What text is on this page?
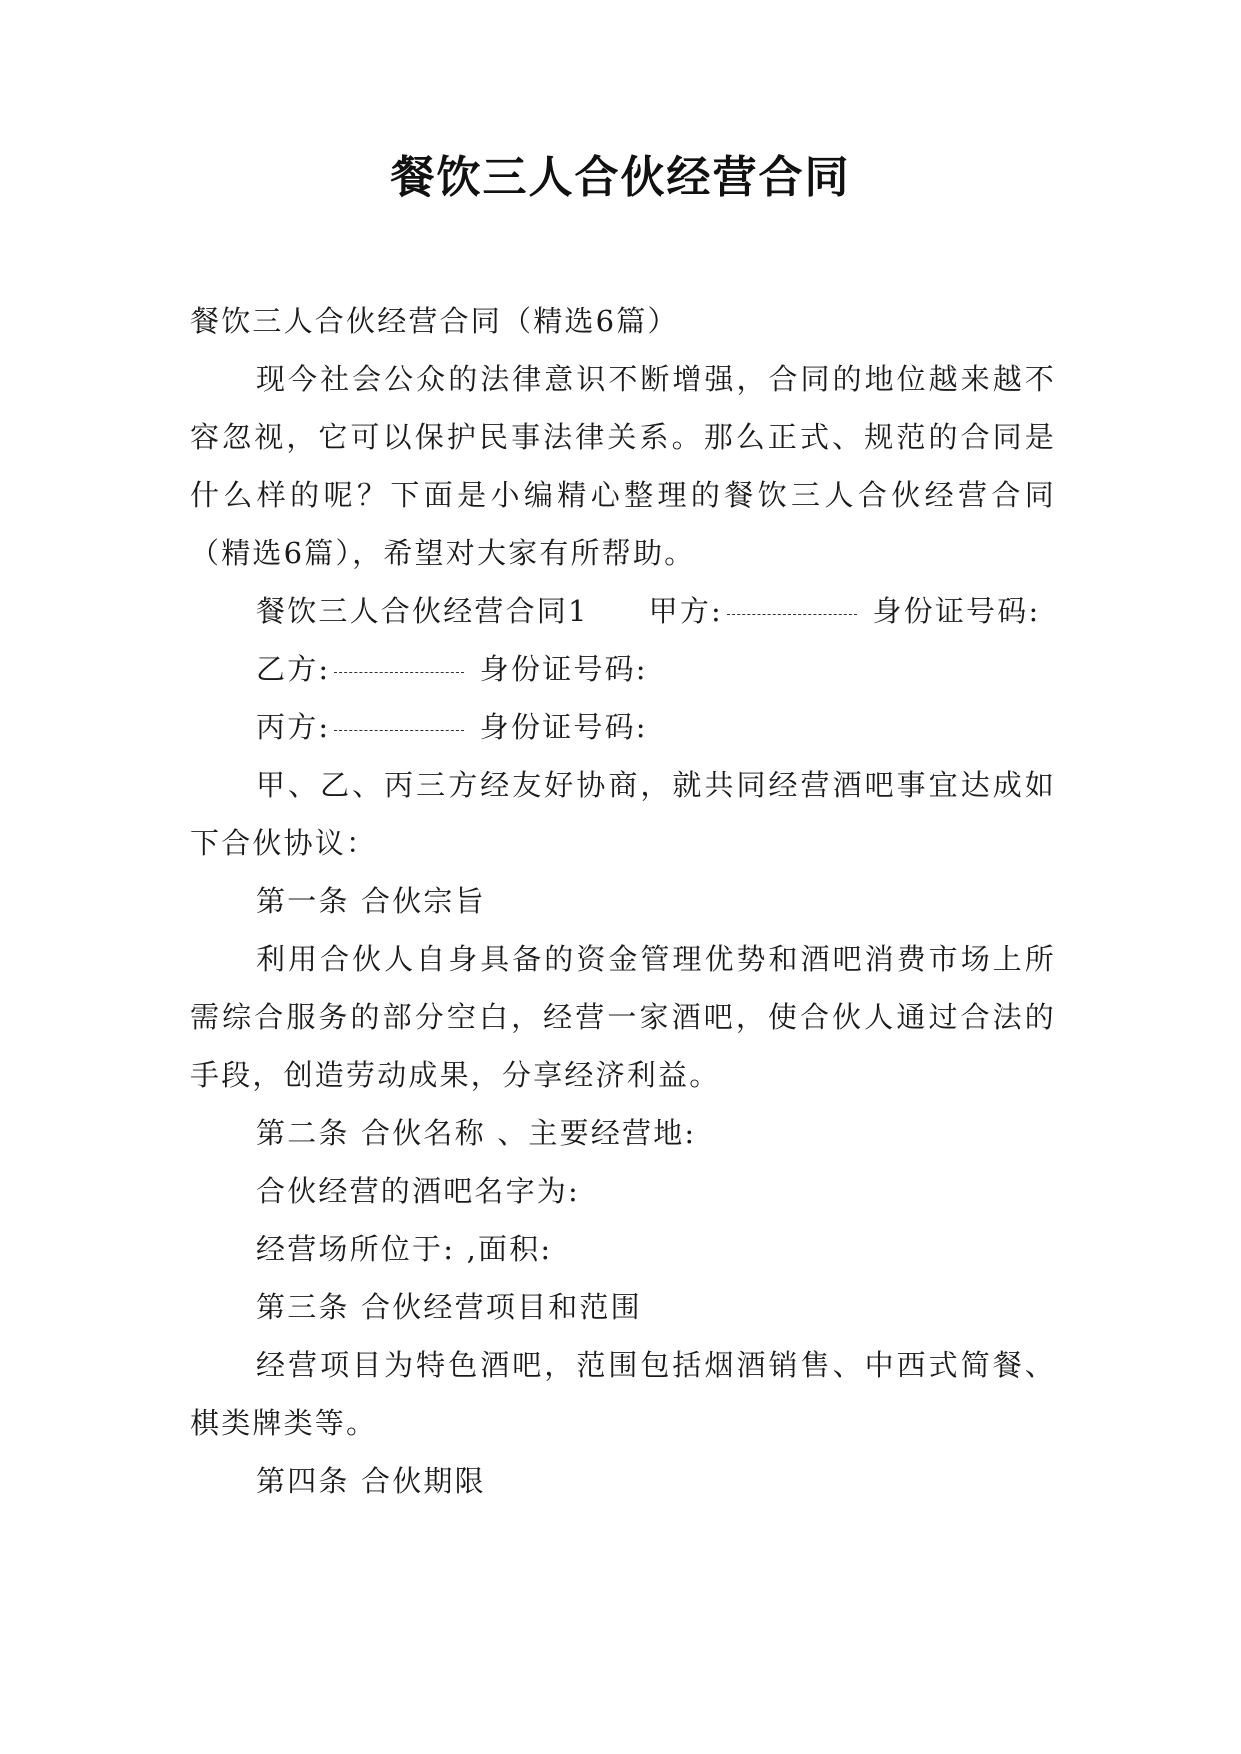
餐饮三人合伙经营合同

餐饮三人合伙经营合同（精选6篇）

现今社会公众的法律意识不断增强，合同的地位越来越不容忽视，它可以保护民事法律关系。那么正式、规范的合同是什么样的呢？下面是小编精心整理的餐饮三人合伙经营合同（精选6篇），希望对大家有所帮助。

餐饮三人合伙经营合同1 甲方:	身份证号码:

乙方:	身份证号码:

丙方:	身份证号码:

甲、乙、丙三方经友好协商，就共同经营酒吧事宜达成如下合伙协议：

第一条 合伙宗旨

利用合伙人自身具备的资金管理优势和酒吧消费市场上所需综合服务的部分空白，经营一家酒吧，使合伙人通过合法的手段，创造劳动成果，分享经济利益。

第二条 合伙名称 、主要经营地:

合伙经营的酒吧名字为:

经营场所位于: ,面积:

第三条 合伙经营项目和范围

经营项目为特色酒吧，范围包括烟酒销售、中西式简餐、棋类牌类等。

第四条 合伙期限
